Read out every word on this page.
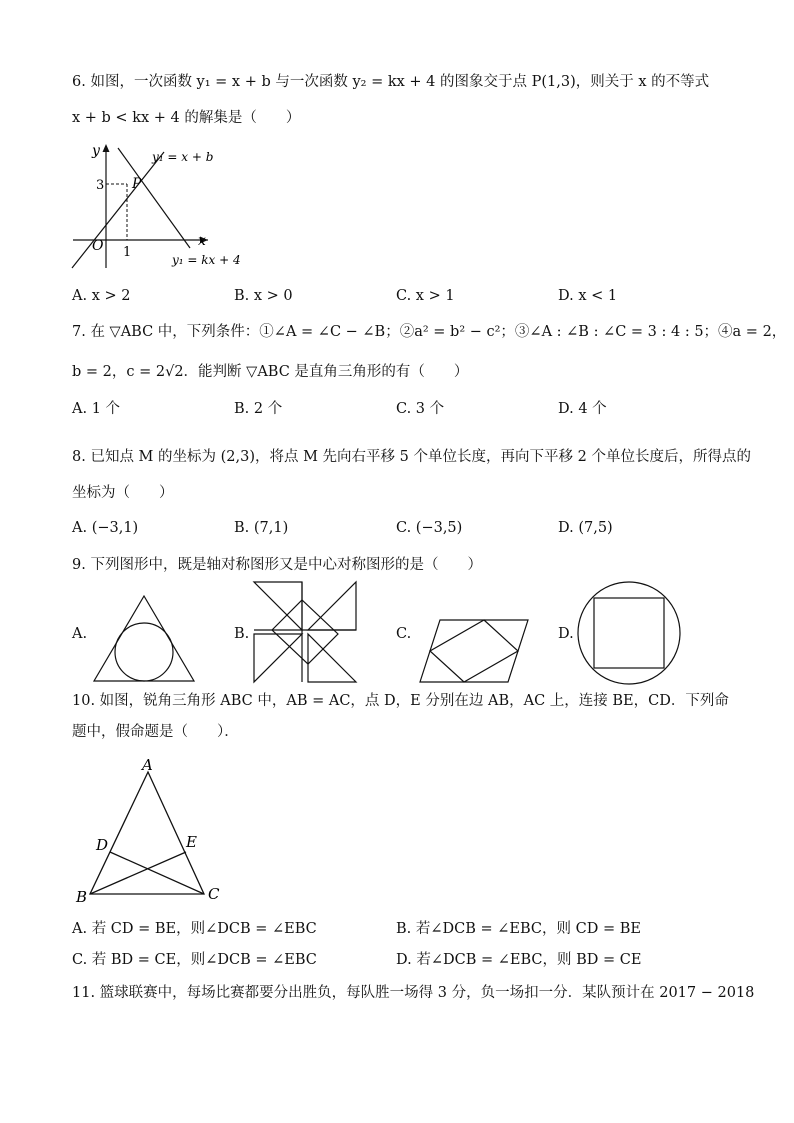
6. 如图，一次函数 y₁ = x + b 与一次函数 y₂ = kx + 4 的图象交于点 P(1,3)，则关于 x 的不等式
x + b < kx + 4 的解集是（　　）
y
x
O
3
1
P
y₁ = x + b
y₁ = kx + 4
A. x > 2	B. x > 0	C. x > 1	D. x < 1
7. 在 ▽ABC 中，下列条件：①∠A = ∠C − ∠B；②a² = b² − c²；③∠A : ∠B : ∠C = 3 : 4 : 5；④a = 2，
b = 2，c = 2√2．能判断 ▽ABC 是直角三角形的有（　　）
A. 1 个	B. 2 个	C. 3 个	D. 4 个
8. 已知点 M 的坐标为 (2,3)，将点 M 先向右平移 5 个单位长度，再向下平移 2 个单位长度后，所得点的
坐标为（　　）
A. (−3,1)	B. (7,1)	C. (−3,5)	D. (7,5)
9. 下列图形中，既是轴对称图形又是中心对称图形的是（　　）
A.	B.	C.	D.
10. 如图，锐角三角形 ABC 中，AB = AC，点 D，E 分别在边 AB，AC 上，连接 BE，CD．下列命
题中，假命题是（　　）．
A
B	C
D	E
A. 若 CD = BE，则∠DCB = ∠EBC	B. 若∠DCB = ∠EBC，则 CD = BE
C. 若 BD = CE，则∠DCB = ∠EBC	D. 若∠DCB = ∠EBC，则 BD = CE
11. 篮球联赛中，每场比赛都要分出胜负，每队胜一场得 3 分，负一场扣一分．某队预计在 2017 − 2018
